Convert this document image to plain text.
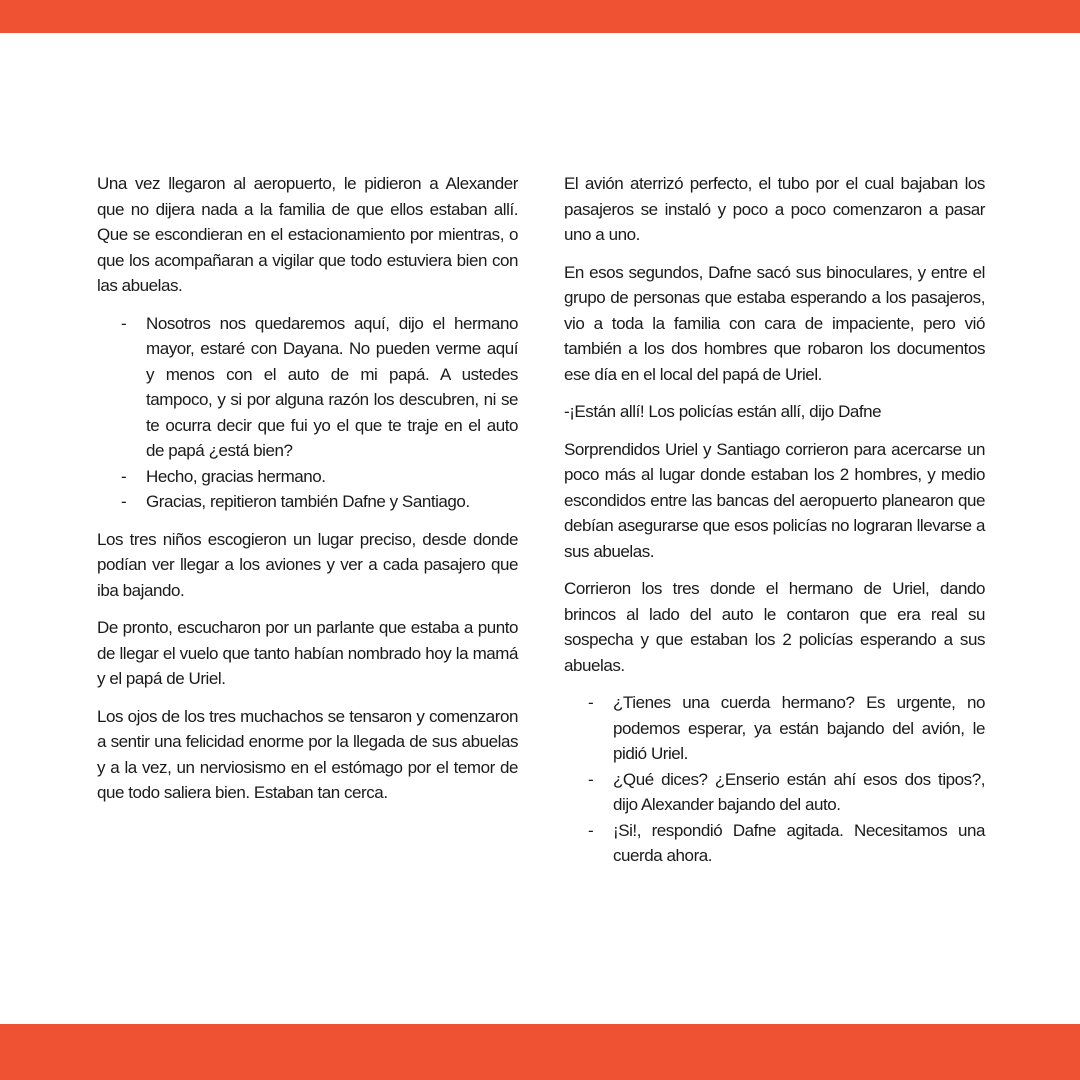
Una vez llegaron al aeropuerto, le pidieron a Alexander que no dijera nada a la familia de que ellos estaban allí. Que se escondieran en el estacionamiento por mientras, o que los acompañaran a vigilar que todo estuviera bien con las abuelas.

- Nosotros nos quedaremos aquí, dijo el hermano mayor, estaré con Dayana. No pueden verme aquí y menos con el auto de mi papá. A ustedes tampoco, y si por alguna razón los descubren, ni se te ocurra decir que fui yo el que te traje en el auto de papá ¿está bien?
- Hecho, gracias hermano.
- Gracias, repitieron también Dafne y Santiago.

Los tres niños escogieron un lugar preciso, desde donde podían ver llegar a los aviones y ver a cada pasajero que iba bajando.

De pronto, escucharon por un parlante que estaba a punto de llegar el vuelo que tanto habían nombrado hoy la mamá y el papá de Uriel.

Los ojos de los tres muchachos se tensaron y comenzaron a sentir una felicidad enorme por la llegada de sus abuelas y a la vez, un nerviosismo en el estómago por el temor de que todo saliera bien. Estaban tan cerca.

El avión aterrizó perfecto, el tubo por el cual bajaban los pasajeros se instaló y poco a poco comenzaron a pasar uno a uno.

En esos segundos, Dafne sacó sus binoculares, y entre el grupo de personas que estaba esperando a los pasajeros, vio a toda la familia con cara de impaciente, pero vió también a los dos hombres que robaron los documentos ese día en el local del papá de Uriel.

-¡Están allí! Los policías están allí, dijo Dafne

Sorprendidos Uriel y Santiago corrieron para acercarse un poco más al lugar donde estaban los 2 hombres, y medio escondidos entre las bancas del aeropuerto planearon que debían asegurarse que esos policías no lograran llevarse a sus abuelas.

Corrieron los tres donde el hermano de Uriel, dando brincos al lado del auto le contaron que era real su sospecha y que estaban los 2 policías esperando a sus abuelas.

- ¿Tienes una cuerda hermano? Es urgente, no podemos esperar, ya están bajando del avión, le pidió Uriel.
- ¿Qué dices? ¿Enserio están ahí esos dos tipos?, dijo Alexander bajando del auto.
- ¡Si!, respondió Dafne agitada. Necesitamos una cuerda ahora.
